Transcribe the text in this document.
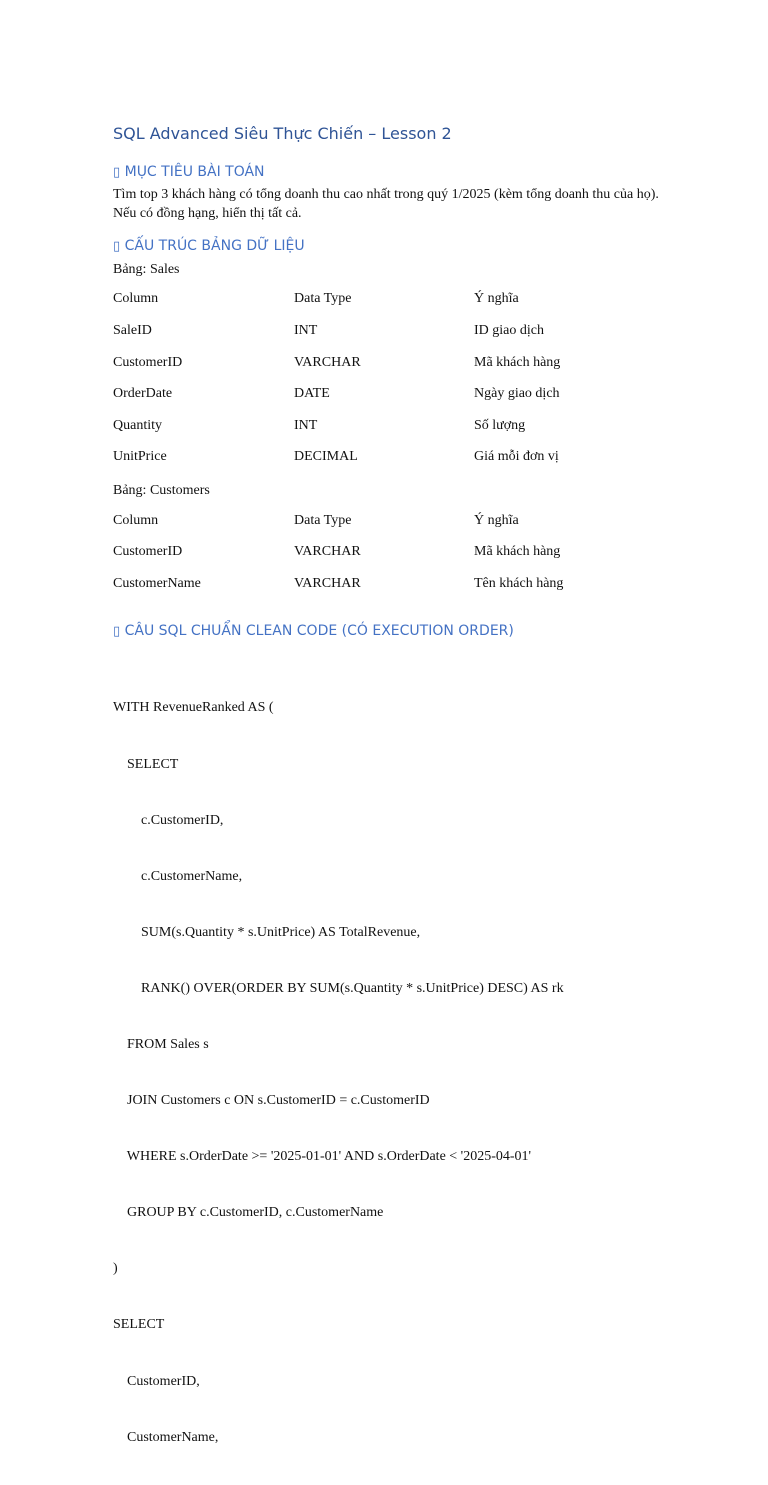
SQL Advanced Siêu Thực Chiến – Lesson 2
▯ MỤC TIÊU BÀI TOÁN

Tìm top 3 khách hàng có tổng doanh thu cao nhất trong quý 1/2025 (kèm tổng doanh thu của họ).

Nếu có đồng hạng, hiển thị tất cả.

▯ CẤU TRÚC BẢNG DỮ LIỆU

Bảng: Sales

Column	Data Type	Ý nghĩa
SaleID	INT	ID giao dịch
CustomerID	VARCHAR	Mã khách hàng
OrderDate	DATE	Ngày giao dịch
Quantity	INT	Số lượng
UnitPrice	DECIMAL	Giá mỗi đơn vị

Bảng: Customers

Column	Data Type	Ý nghĩa
CustomerID	VARCHAR	Mã khách hàng
CustomerName	VARCHAR	Tên khách hàng
▯ CÂU SQL CHUẨN CLEAN CODE (CÓ EXECUTION ORDER)

WITH RevenueRanked AS (

SELECT

c.CustomerID,

c.CustomerName,

SUM(s.Quantity * s.UnitPrice) AS TotalRevenue,

RANK() OVER(ORDER BY SUM(s.Quantity * s.UnitPrice) DESC) AS rk

FROM Sales s

JOIN Customers c ON s.CustomerID = c.CustomerID

WHERE s.OrderDate >= '2025-01-01' AND s.OrderDate < '2025-04-01'

GROUP BY c.CustomerID, c.CustomerName

)

SELECT

CustomerID,

CustomerName,
